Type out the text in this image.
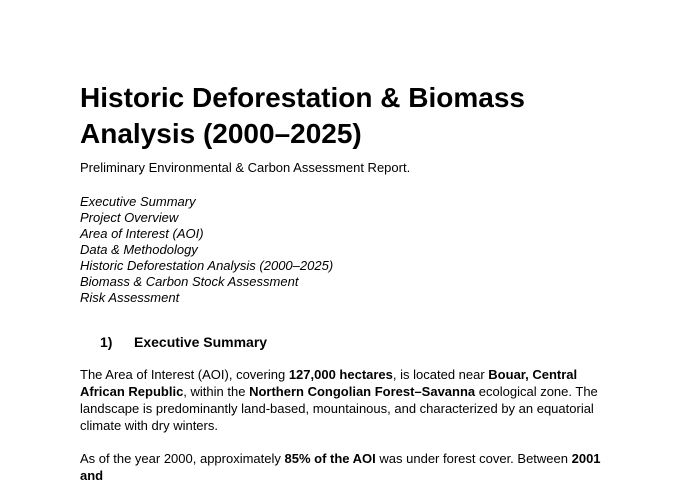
Historic Deforestation & Biomass
Analysis (2000–2025)

Preliminary Environmental & Carbon Assessment Report.

Executive Summary
Project Overview
Area of Interest (AOI)
Data & Methodology
Historic Deforestation Analysis (2000–2025)
Biomass & Carbon Stock Assessment
Risk Assessment
1)	Executive Summary

The Area of Interest (AOI), covering 127,000 hectares, is located near Bouar, Central African Republic, within the Northern Congolian Forest–Savanna ecological zone. The landscape is predominantly land-based, mountainous, and characterized by an equatorial climate with dry winters.

As of the year 2000, approximately 85% of the AOI was under forest cover. Between 2001 and
